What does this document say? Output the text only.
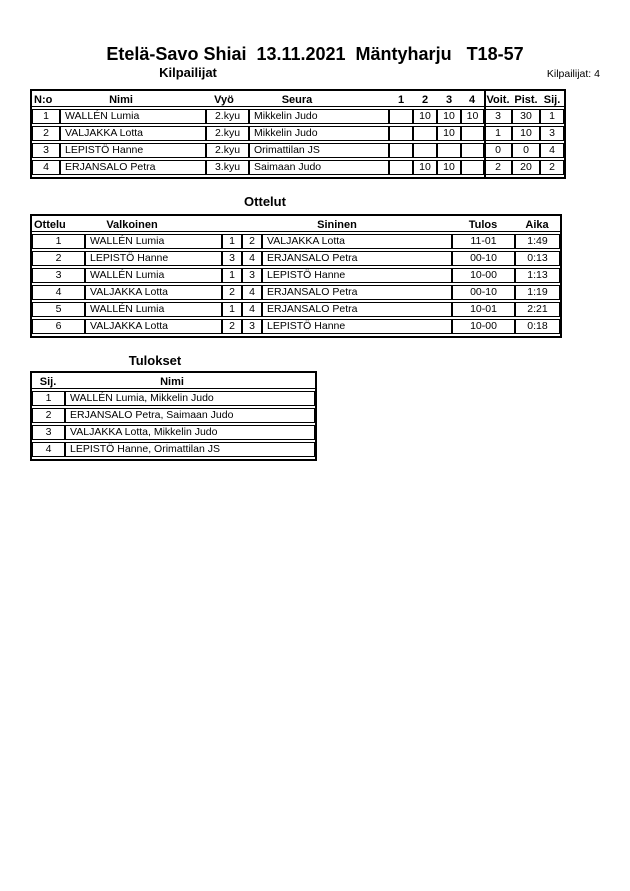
Etelä-Savo Shiai  13.11.2021  Mäntyharju   T18-57
Kilpailijat	Kilpailijat: 4
N:o	Nimi	Vyö	Seura	1 2 3 4 Voit. Pist. Sij.

1	WALLÉN Lumia	2.kyu	Mikkelin Judo		10	10	10	3	30	1
2	VALJAKKA Lotta	2.kyu	Mikkelin Judo			10		1	10	3
3	LEPISTÖ Hanne	2.kyu	Orimattilan JS					0	0	4
4	ERJANSALO Petra	3.kyu	Saimaan Judo		10	10		2	20	2
Ottelut
Ottelu Valkoinen Sininen Tulos Aika						

1	WALLÉN Lumia	1	2	VALJAKKA Lotta	11-01	1:49
2	LEPISTÖ Hanne	3	4	ERJANSALO Petra	00-10	0:13
3	WALLÉN Lumia	1	3	LEPISTÖ Hanne	10-00	1:13
4	VALJAKKA Lotta	2	4	ERJANSALO Petra	00-10	1:19
5	WALLÉN Lumia	1	4	ERJANSALO Petra	10-01	2:21
6	VALJAKKA Lotta	2	3	LEPISTÖ Hanne	10-00	0:18
Tulokset
Sij. Nimi	

1	WALLÉN Lumia, Mikkelin Judo
2	ERJANSALO Petra, Saimaan Judo
3	VALJAKKA Lotta, Mikkelin Judo
4	LEPISTÖ Hanne, Orimattilan JS
